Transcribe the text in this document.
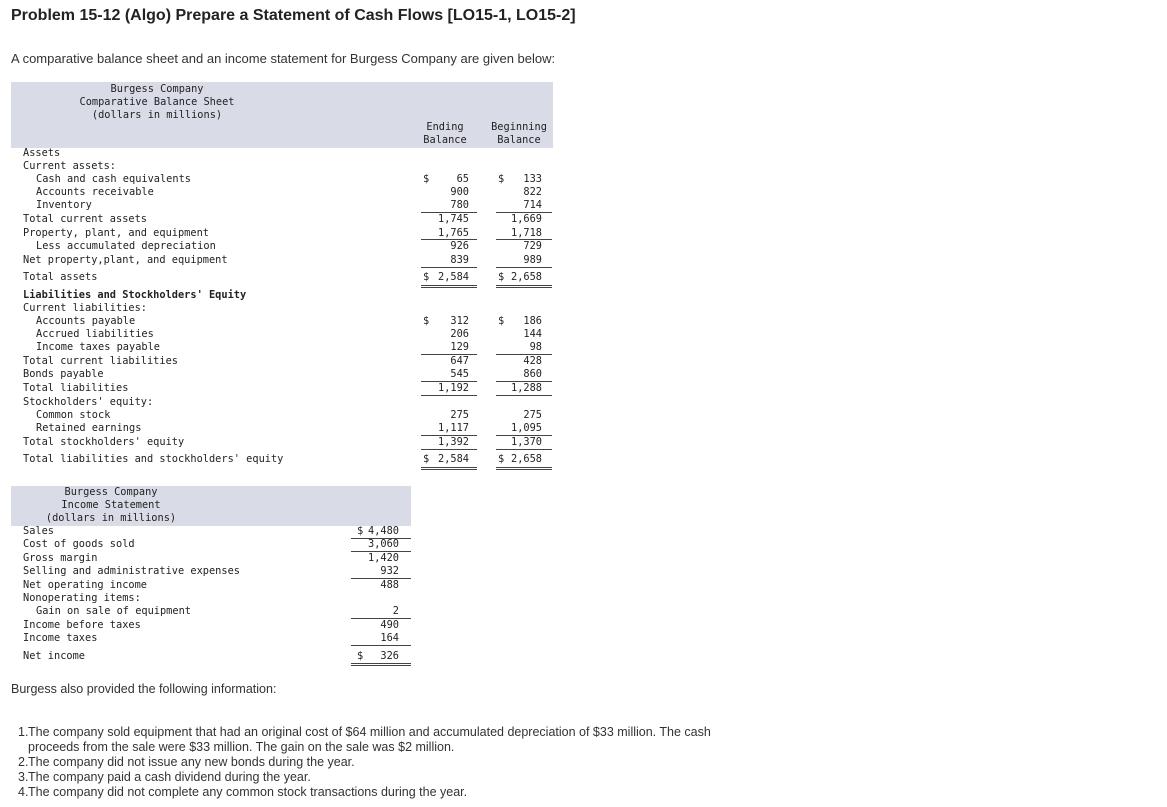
Problem 15-12 (Algo) Prepare a Statement of Cash Flows [LO15-1, LO15-2]
A comparative balance sheet and an income statement for Burgess Company are given below:
Burgess Company
Comparative Balance Sheet
(dollars in millions)
Ending
Balance
Beginning
Balance
Assets
Current assets:
Cash and cash equivalents	$	65	$ 133
Accounts receivable	900	822
Inventory	780	714
Total current assets	1,745	1,669
Property, plant, and equipment	1,765	1,718
Less accumulated depreciation	926	729
Net property,plant, and equipment	839	989
Total assets	$ 2,584	$ 2,658
Liabilities and Stockholders' Equity
Current liabilities:
Accounts payable	$ 312	$ 186
Accrued liabilities	206	144
Income taxes payable	129	98
Total current liabilities	647	428
Bonds payable	545	860
Total liabilities	1,192	1,288
Stockholders' equity:
Common stock	275	275
Retained earnings	1,117	1,095
Total stockholders' equity	1,392	1,370
Total liabilities and stockholders' equity	$ 2,584	$ 2,658
Burgess Company
Income Statement
(dollars in millions)
Sales	$ 4,480
Cost of goods sold	3,060
Gross margin	1,420
Selling and administrative expenses	932
Net operating income	488
Nonoperating items:
Gain on sale of equipment	2
Income before taxes	490
Income taxes	164
Net income	$ 326
Burgess also provided the following information:
1. The company sold equipment that had an original cost of $64 million and accumulated depreciation of $33 million. The cash
proceeds from the sale were $33 million. The gain on the sale was $2 million.
2. The company did not issue any new bonds during the year.
3. The company paid a cash dividend during the year.
4. The company did not complete any common stock transactions during the year.
